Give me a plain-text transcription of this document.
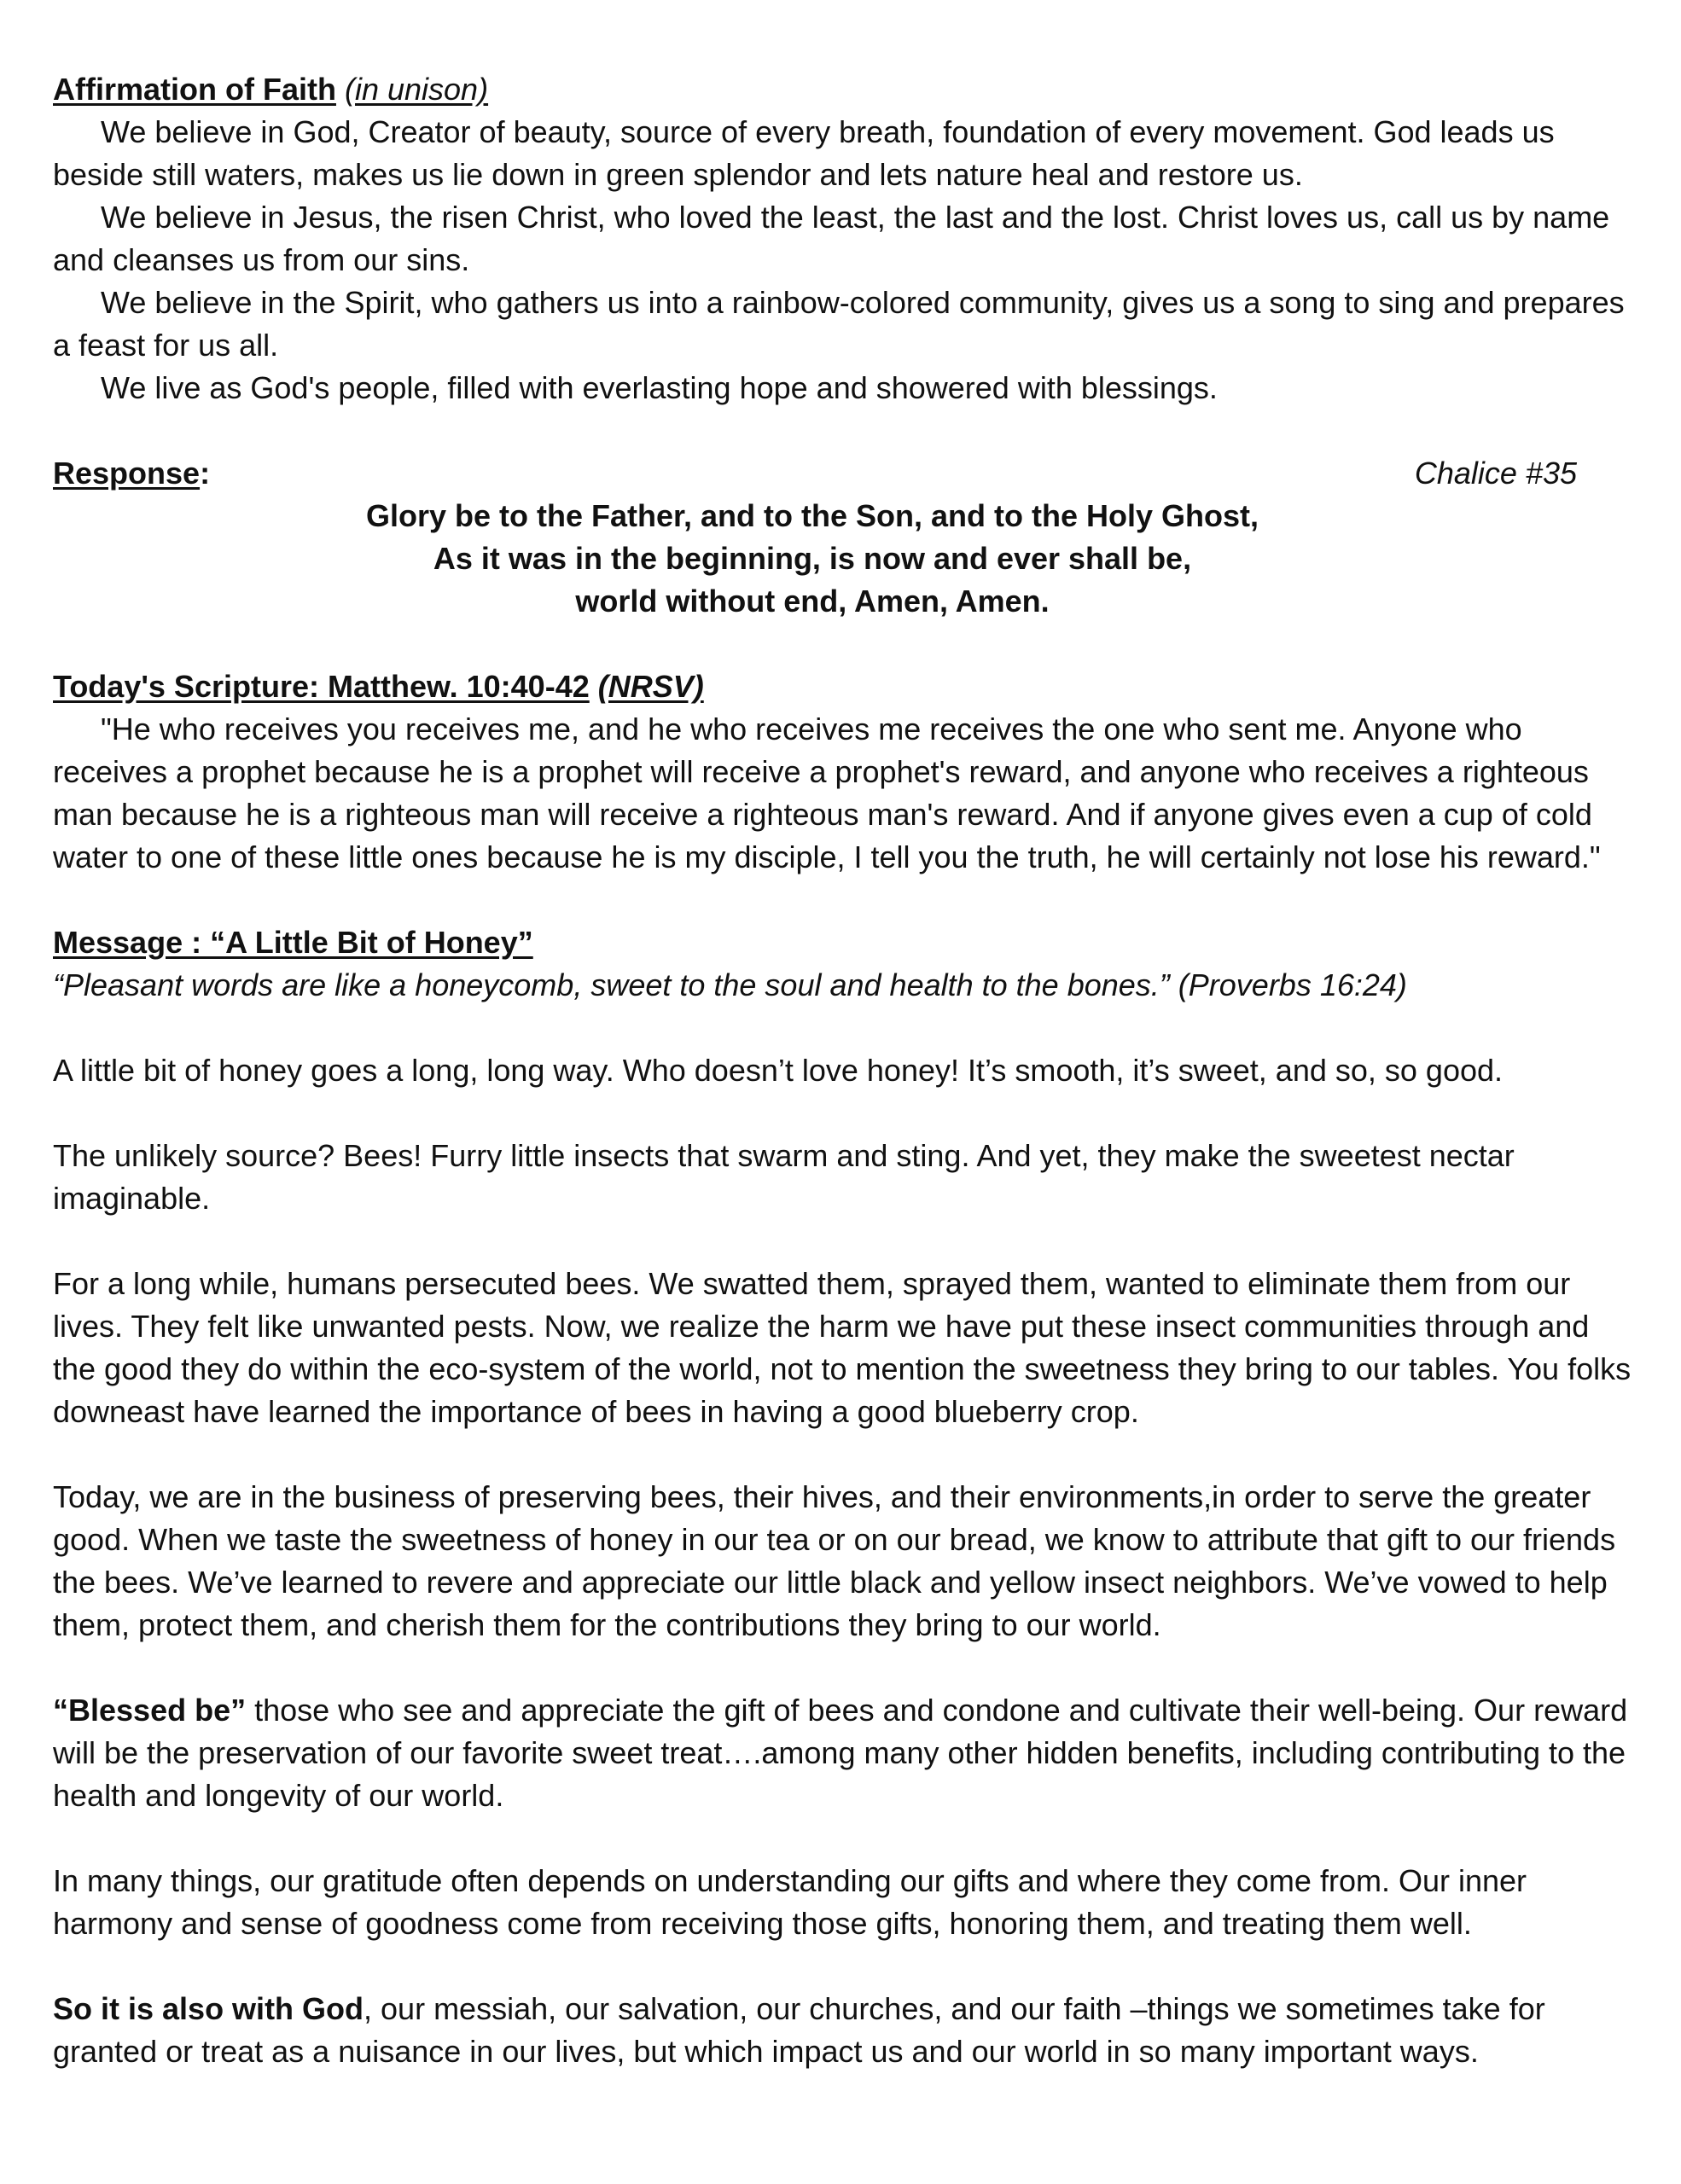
Affirmation of Faith (in unison)

We believe in God, Creator of beauty, source of every breath, foundation of every movement. God leads us beside still waters, makes us lie down in green splendor and lets nature heal and restore us.

We believe in Jesus, the risen Christ, who loved the least, the last and the lost. Christ loves us, call us by name and cleanses us from our sins.

We believe in the Spirit, who gathers us into a rainbow-colored community, gives us a song to sing and prepares a feast for us all.

We live as God's people, filled with everlasting hope and showered with blessings.

Response:	Chalice #35

Glory be to the Father, and to the Son, and to the Holy Ghost,

As it was in the beginning, is now and ever shall be,

world without end, Amen, Amen.

Today's Scripture: Matthew. 10:40-42 (NRSV)

"He who receives you receives me, and he who receives me receives the one who sent me. Anyone who receives a prophet because he is a prophet will receive a prophet's reward, and anyone who receives a righteous man because he is a righteous man will receive a righteous man's reward. And if anyone gives even a cup of cold water to one of these little ones because he is my disciple, I tell you the truth, he will certainly not lose his reward."

Message : “A Little Bit of Honey”

“Pleasant words are like a honeycomb, sweet to the soul and health to the bones.” (Proverbs 16:24)

A little bit of honey goes a long, long way. Who doesn’t love honey! It’s smooth, it’s sweet, and so, so good.

The unlikely source? Bees! Furry little insects that swarm and sting. And yet, they make the sweetest nectar imaginable.

For a long while, humans persecuted bees. We swatted them, sprayed them, wanted to eliminate them from our lives. They felt like unwanted pests. Now, we realize the harm we have put these insect communities through and the good they do within the eco-system of the world, not to mention the sweetness they bring to our tables. You folks downeast have learned the importance of bees in having a good blueberry crop.

Today, we are in the business of preserving bees, their hives, and their environments,in order to serve the greater good. When we taste the sweetness of honey in our tea or on our bread, we know to attribute that gift to our friends the bees. We’ve learned to revere and appreciate our little black and yellow insect neighbors. We’ve vowed to help them, protect them, and cherish them for the contributions they bring to our world.

“Blessed be” those who see and appreciate the gift of bees and condone and cultivate their well-being. Our reward will be the preservation of our favorite sweet treat….among many other hidden benefits, including contributing to the health and longevity of our world.

In many things, our gratitude often depends on understanding our gifts and where they come from. Our inner harmony and sense of goodness come from receiving those gifts, honoring them, and treating them well.

So it is also with God, our messiah, our salvation, our churches, and our faith –things we sometimes take for granted or treat as a nuisance in our lives, but which impact us and our world in so many important ways.
